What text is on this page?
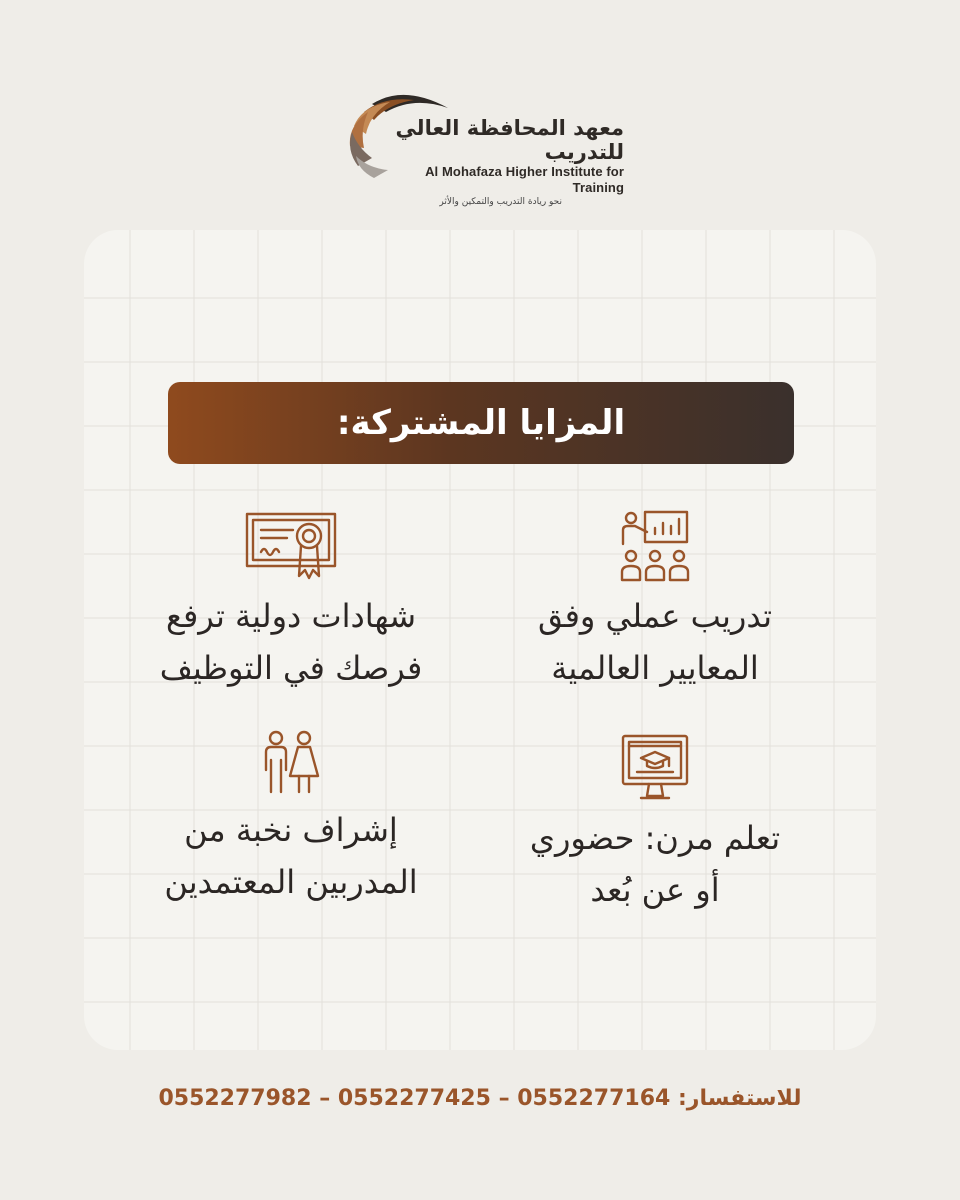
معهد المحافظة العالي للتدريب
Al Mohafaza Higher Institute for Training
نحو ريادة التدريب والتمكين والأثر
المزايا المشتركة:
تدريب عملي وفق
المعايير العالمية
شهادات دولية ترفع
فرصك في التوظيف
تعلم مرن: حضوري
أو عن بُعد
إشراف نخبة من
المدربين المعتمدين
للاستفسار: 0552277982 – 0552277425 – 0552277164
